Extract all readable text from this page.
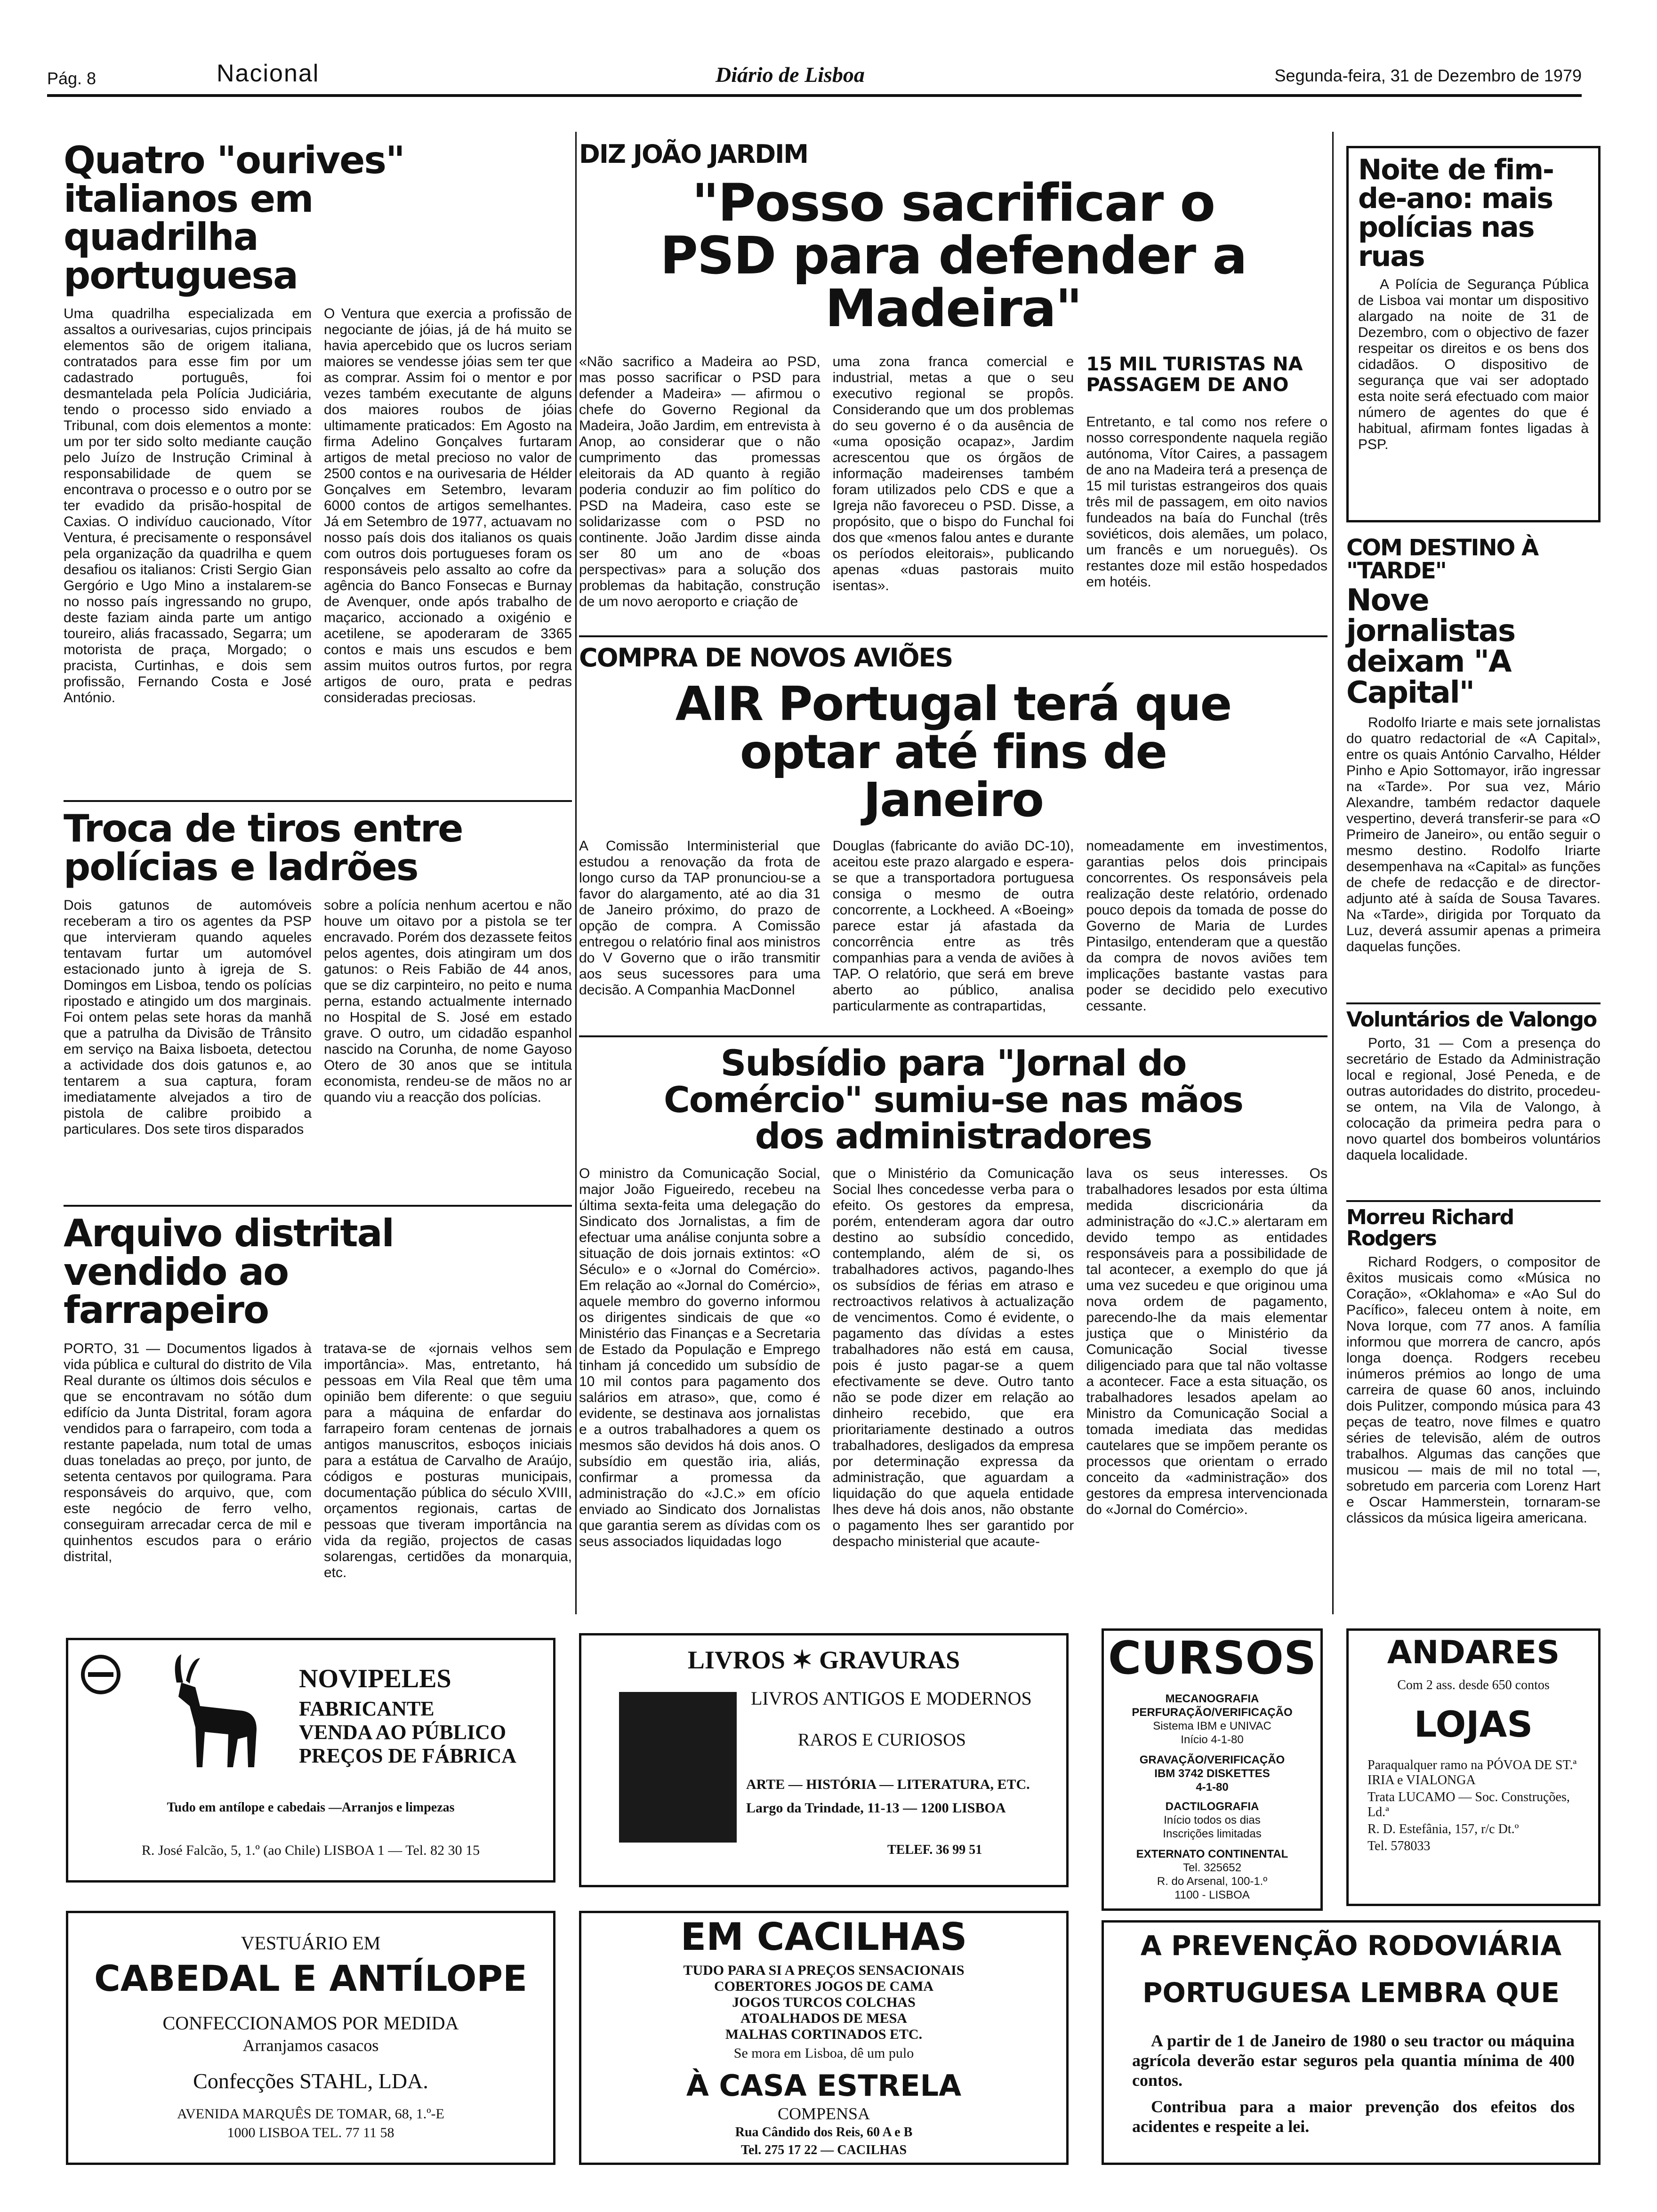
Pág. 8	Nacional	Diário de Lisboa	Segunda-feira, 31 de Dezembro de 1979
Quatro "ourives" italianos em quadrilha portuguesa
Uma quadrilha especializada em assaltos a ourivesarias, cujos principais elementos são de origem italiana, contratados para esse fim por um cadastrado português, foi desmantelada pela Polícia Judiciária, tendo o processo sido enviado a Tribunal, com dois elementos a monte: um por ter sido solto mediante caução pelo Juízo de Instrução Criminal à responsabilidade de quem se encontrava o processo e o outro por se ter evadido da prisão-hospital de Caxias. O indivíduo caucionado, Vítor Ventura, é precisamente o responsável pela organização da quadrilha e quem desafiou os italianos: Cristi Sergio Gian Gergório e Ugo Mino a instalarem-se no nosso país ingressando no grupo, deste faziam ainda parte um antigo toureiro, aliás fracassado, Segarra; um motorista de praça, Morgado; o pracista, Curtinhas, e dois sem profissão, Fernando Costa e José António.
O Ventura que exercia a profissão de negociante de jóias, já de há muito se havia apercebido que os lucros seriam maiores se vendesse jóias sem ter que as comprar. Assim foi o mentor e por vezes também executante de alguns dos maiores roubos de jóias ultimamente praticados: Em Agosto na firma Adelino Gonçalves furtaram artigos de metal precioso no valor de 2500 contos e na ourivesaria de Hélder Gonçalves em Setembro, levaram 6000 contos de artigos semelhantes. Já em Setembro de 1977, actuavam no nosso país dois dos italianos os quais com outros dois portugueses foram os responsáveis pelo assalto ao cofre da agência do Banco Fonsecas e Burnay de Avenquer, onde após trabalho de maçarico, accionado a oxigénio e acetilene, se apoderaram de 3365 contos e mais uns escudos e bem assim muitos outros furtos, por regra artigos de ouro, prata e pedras consideradas preciosas.
Troca de tiros entre polícias e ladrões
Dois gatunos de automóveis receberam a tiro os agentes da PSP que intervieram quando aqueles tentavam furtar um automóvel estacionado junto à igreja de S. Domingos em Lisboa, tendo os polícias ripostado e atingido um dos marginais. Foi ontem pelas sete horas da manhã que a patrulha da Divisão de Trânsito em serviço na Baixa lisboeta, detectou a actividade dos dois gatunos e, ao tentarem a sua captura, foram imediatamente alvejados a tiro de pistola de calibre proibido a particulares. Dos sete tiros disparados
sobre a polícia nenhum acertou e não houve um oitavo por a pistola se ter encravado. Porém dos dezassete feitos pelos agentes, dois atingiram um dos gatunos: o Reis Fabião de 44 anos, que se diz carpinteiro, no peito e numa perna, estando actualmente internado no Hospital de S. José em estado grave. O outro, um cidadão espanhol nascido na Corunha, de nome Gayoso Otero de 30 anos que se intitula economista, rendeu-se de mãos no ar quando viu a reacção dos polícias.
Arquivo distrital vendido ao farrapeiro
PORTO, 31 — Documentos ligados à vida pública e cultural do distrito de Vila Real durante os últimos dois séculos e que se encontravam no sótão dum edifício da Junta Distrital, foram agora vendidos para o farrapeiro, com toda a restante papelada, num total de umas duas toneladas ao preço, por junto, de setenta centavos por quilograma. Para responsáveis do arquivo, que, com este negócio de ferro velho, conseguiram arrecadar cerca de mil e quinhentos escudos para o erário distrital,
tratava-se de «jornais velhos sem importância». Mas, entretanto, há pessoas em Vila Real que têm uma opinião bem diferente: o que seguiu para a máquina de enfardar do farrapeiro foram centenas de jornais antigos manuscritos, esboços iniciais para a estátua de Carvalho de Araújo, códigos e posturas municipais, documentação pública do século XVIII, orçamentos regionais, cartas de pessoas que tiveram importância na vida da região, projectos de casas solarengas, certidões da monarquia, etc.
DIZ JOÃO JARDIM
"Posso sacrificar o PSD para defender a Madeira"
«Não sacrifico a Madeira ao PSD, mas posso sacrificar o PSD para defender a Madeira» — afirmou o chefe do Governo Regional da Madeira, João Jardim, em entrevista à Anop, ao considerar que o não cumprimento das promessas eleitorais da AD quanto à região poderia conduzir ao fim político do PSD na Madeira, caso este se solidarizasse com o PSD no continente. João Jardim disse ainda ser 80 um ano de «boas perspectivas» para a solução dos problemas da habitação, construção de um novo aeroporto e criação de
uma zona franca comercial e industrial, metas a que o seu executivo regional se propôs. Considerando que um dos problemas do seu governo é o da ausência de «uma oposição ocapaz», Jardim acrescentou que os órgãos de informação madeirenses também foram utilizados pelo CDS e que a Igreja não favoreceu o PSD. Disse, a propósito, que o bispo do Funchal foi dos que «menos falou antes e durante os períodos eleitorais», publicando apenas «duas pastorais muito isentas».
15 MIL TURISTAS NA PASSAGEM DE ANO
Entretanto, e tal como nos refere o nosso correspondente naquela região autónoma, Vítor Caires, a passagem de ano na Madeira terá a presença de 15 mil turistas estrangeiros dos quais três mil de passagem, em oito navios fundeados na baía do Funchal (três soviéticos, dois alemães, um polaco, um francês e um norueguês). Os restantes doze mil estão hospedados em hotéis.
COMPRA DE NOVOS AVIÕES
AIR Portugal terá que optar até fins de Janeiro
A Comissão Interministerial que estudou a renovação da frota de longo curso da TAP pronunciou-se a favor do alargamento, até ao dia 31 de Janeiro próximo, do prazo de opção de compra. A Comissão entregou o relatório final aos ministros do V Governo que o irão transmitir aos seus sucessores para uma decisão. A Companhia MacDonnel
Douglas (fabricante do avião DC-10), aceitou este prazo alargado e espera-se que a transportadora portuguesa consiga o mesmo de outra concorrente, a Lockheed. A «Boeing» parece estar já afastada da concorrência entre as três companhias para a venda de aviões à TAP. O relatório, que será em breve aberto ao público, analisa particularmente as contrapartidas,
nomeadamente em investimentos, garantias pelos dois principais concorrentes. Os responsáveis pela realização deste relatório, ordenado pouco depois da tomada de posse do Governo de Maria de Lurdes Pintasilgo, entenderam que a questão da compra de novos aviões tem implicações bastante vastas para poder se decidido pelo executivo cessante.
Subsídio para "Jornal do Comércio" sumiu-se nas mãos dos administradores
O ministro da Comunicação Social, major João Figueiredo, recebeu na última sexta-feita uma delegação do Sindicato dos Jornalistas, a fim de efectuar uma análise conjunta sobre a situação de dois jornais extintos: «O Século» e o «Jornal do Comércio». Em relação ao «Jornal do Comércio», aquele membro do governo informou os dirigentes sindicais de que «o Ministério das Finanças e a Secretaria de Estado da População e Emprego tinham já concedido um subsídio de 10 mil contos para pagamento dos salários em atraso», que, como é evidente, se destinava aos jornalistas e a outros trabalhadores a quem os mesmos são devidos há dois anos. O subsídio em questão iria, aliás, confirmar a promessa da administração do «J.C.» em ofício enviado ao Sindicato dos Jornalistas que garantia serem as dívidas com os seus associados liquidadas logo
que o Ministério da Comunicação Social lhes concedesse verba para o efeito. Os gestores da empresa, porém, entenderam agora dar outro destino ao subsídio concedido, contemplando, além de si, os trabalhadores activos, pagando-lhes os subsídios de férias em atraso e rectroactivos relativos à actualização de vencimentos. Como é evidente, o pagamento das dívidas a estes trabalhadores não está em causa, pois é justo pagar-se a quem efectivamente se deve. Outro tanto não se pode dizer em relação ao dinheiro recebido, que era prioritariamente destinado a outros trabalhadores, desligados da empresa por determinação expressa da administração, que aguardam a liquidação do que aquela entidade lhes deve há dois anos, não obstante o pagamento lhes ser garantido por despacho ministerial que acaute-
lava os seus interesses. Os trabalhadores lesados por esta última medida discricionária da administração do «J.C.» alertaram em devido tempo as entidades responsáveis para a possibilidade de tal acontecer, a exemplo do que já uma vez sucedeu e que originou uma nova ordem de pagamento, parecendo-lhe da mais elementar justiça que o Ministério da Comunicação Social tivesse diligenciado para que tal não voltasse a acontecer. Face a esta situação, os trabalhadores lesados apelam ao Ministro da Comunicação Social a tomada imediata das medidas cautelares que se impõem perante os processos que orientam o errado conceito da «administração» dos gestores da empresa intervencionada do «Jornal do Comércio».
Noite de fim-de-ano: mais polícias nas ruas
A Polícia de Segurança Pública de Lisboa vai montar um dispositivo alargado na noite de 31 de Dezembro, com o objectivo de fazer respeitar os direitos e os bens dos cidadãos. O dispositivo de segurança que vai ser adoptado esta noite será efectuado com maior número de agentes do que é habitual, afirmam fontes ligadas à PSP.
COM DESTINO À "TARDE"
Nove jornalistas deixam "A Capital"
Rodolfo Iriarte e mais sete jornalistas do quatro redactorial de «A Capital», entre os quais António Carvalho, Hélder Pinho e Apio Sottomayor, irão ingressar na «Tarde». Por sua vez, Mário Alexandre, também redactor daquele vespertino, deverá transferir-se para «O Primeiro de Janeiro», ou então seguir o mesmo destino. Rodolfo Iriarte desempenhava na «Capital» as funções de chefe de redacção e de director-adjunto até à saída de Sousa Tavares. Na «Tarde», dirigida por Torquato da Luz, deverá assumir apenas a primeira daquelas funções.
Voluntários de Valongo
Porto, 31 — Com a presença do secretário de Estado da Administração local e regional, José Peneda, e de outras autoridades do distrito, procedeu-se ontem, na Vila de Valongo, à colocação da primeira pedra para o novo quartel dos bombeiros voluntários daquela localidade.
Morreu Richard Rodgers
Richard Rodgers, o compositor de êxitos musicais como «Música no Coração», «Oklahoma» e «Ao Sul do Pacífico», faleceu ontem à noite, em Nova Iorque, com 77 anos. A família informou que morrera de cancro, após longa doença. Rodgers recebeu inúmeros prémios ao longo de uma carreira de quase 60 anos, incluindo dois Pulitzer, compondo música para 43 peças de teatro, nove filmes e quatro séries de televisão, além de outros trabalhos. Algumas das canções que musicou — mais de mil no total —, sobretudo em parceria com Lorenz Hart e Oscar Hammerstein, tornaram-se clássicos da música ligeira americana.
NOVIPELES
FABRICANTE
VENDA AO PÚBLICO
PREÇOS DE FÁBRICA
Tudo em antílope e cabedais —Arranjos e limpezas
R. José Falcão, 5, 1.º (ao Chile) LISBOA 1 — Tel. 82 30 15
LIVROS ✶ GRAVURAS
LIVROS ANTIGOS E MODERNOS
RAROS E CURIOSOS
ARTE — HISTÓRIA — LITERATURA, ETC.
Largo da Trindade, 11-13 — 1200 LISBOA
TELEF. 36 99 51
CURSOS
MECANOGRAFIA
PERFURAÇÃO/VERIFICAÇÃO
Sistema IBM e UNIVAC
Início 4-1-80
GRAVAÇÃO/VERIFICAÇÃO
IBM 3742 DISKETTES
4-1-80
DACTILOGRAFIA
Início todos os dias
Inscrições limitadas
EXTERNATO CONTINENTAL
Tel. 325652
R. do Arsenal, 100-1.º
1100 - LISBOA
ANDARES
Com 2 ass. desde 650 contos
LOJAS
Paraqualquer ramo na PÓVOA DE ST.ª IRIA e VIALONGA
Trata LUCAMO — Soc. Construções, Ld.ª
R. D. Estefânia, 157, r/c Dt.º
Tel. 578033
VESTUÁRIO EM
CABEDAL E ANTÍLOPE
CONFECCIONAMOS POR MEDIDA
Arranjamos casacos
Confecções STAHL, LDA.
AVENIDA MARQUÊS DE TOMAR, 68, 1.º-E
1000 LISBOA TEL. 77 11 58
EM CACILHAS
TUDO PARA SI A PREÇOS SENSACIONAIS
COBERTORES JOGOS DE CAMA
JOGOS TURCOS COLCHAS
ATOALHADOS DE MESA
MALHAS CORTINADOS ETC.
Se mora em Lisboa, dê um pulo
À CASA ESTRELA
COMPENSA
Rua Cândido dos Reis, 60 A e B
Tel. 275 17 22 — CACILHAS
A PREVENÇÃO RODOVIÁRIA
PORTUGUESA LEMBRA QUE
A partir de 1 de Janeiro de 1980 o seu tractor ou máquina agrícola deverão estar seguros pela quantia mínima de 400 contos.
Contribua para a maior prevenção dos efeitos dos acidentes e respeite a lei.
